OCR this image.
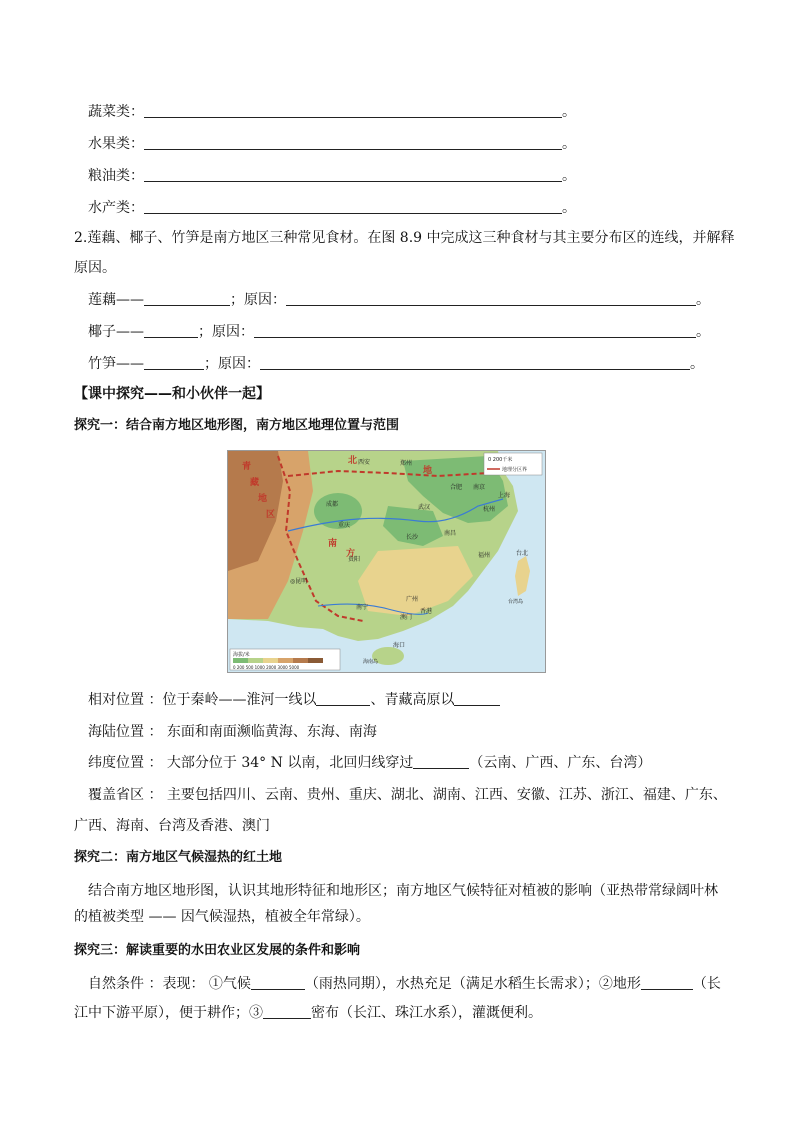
蔬菜类：	。
水果类：	。
粮油类：	。
水产类：	。
2.莲藕、椰子、竹笋是南方地区三种常见食材。在图 8.9 中完成这三种食材与其主要分布区的连线，并解释
原因。
莲藕——	；原因：	。
椰子——	；原因：	。
竹笋——	；原因：	。
【课中探究——和小伙伴一起】
探究一：结合南方地区地形图，南方地区地理位置与范围
青
藏
地
区
北
地
南
方
西安	郑州
合肥 南京
上海
杭州
武汉
成都
重庆
长沙
南昌
福州
贵阳
◎昆明
南宁
广州
香港
澳门
海口
台北
海南岛
台湾岛
0 200千米
地理分区界
海拔/米
0 200 500 1000 2000 3000 5000
相对位置 ：位于秦岭——淮河一线以	、青藏高原以
海陆位置 ： 东面和南面濒临黄海、东海、南海
纬度位置 ： 大部分位于 34° N 以南，北回归线穿过	（云南、广西、广东、台湾）
覆盖省区 ： 主要包括四川、云南、贵州、重庆、湖北、湖南、江西、安徽、江苏、浙江、福建、广东、
广西、海南、台湾及香港、澳门
探究二：南方地区气候湿热的红土地
结合南方地区地形图，认识其地形特征和地形区；南方地区气候特征对植被的影响（亚热带常绿阔叶林
的植被类型 —— 因气候湿热，植被全年常绿）。
探究三：解读重要的水田农业区发展的条件和影响
自然条件 ：表现： ①气候	（雨热同期），水热充足（满足水稻生长需求）；②地形	（长
江中下游平原），便于耕作；③	密布（长江、珠江水系），灌溉便利。
